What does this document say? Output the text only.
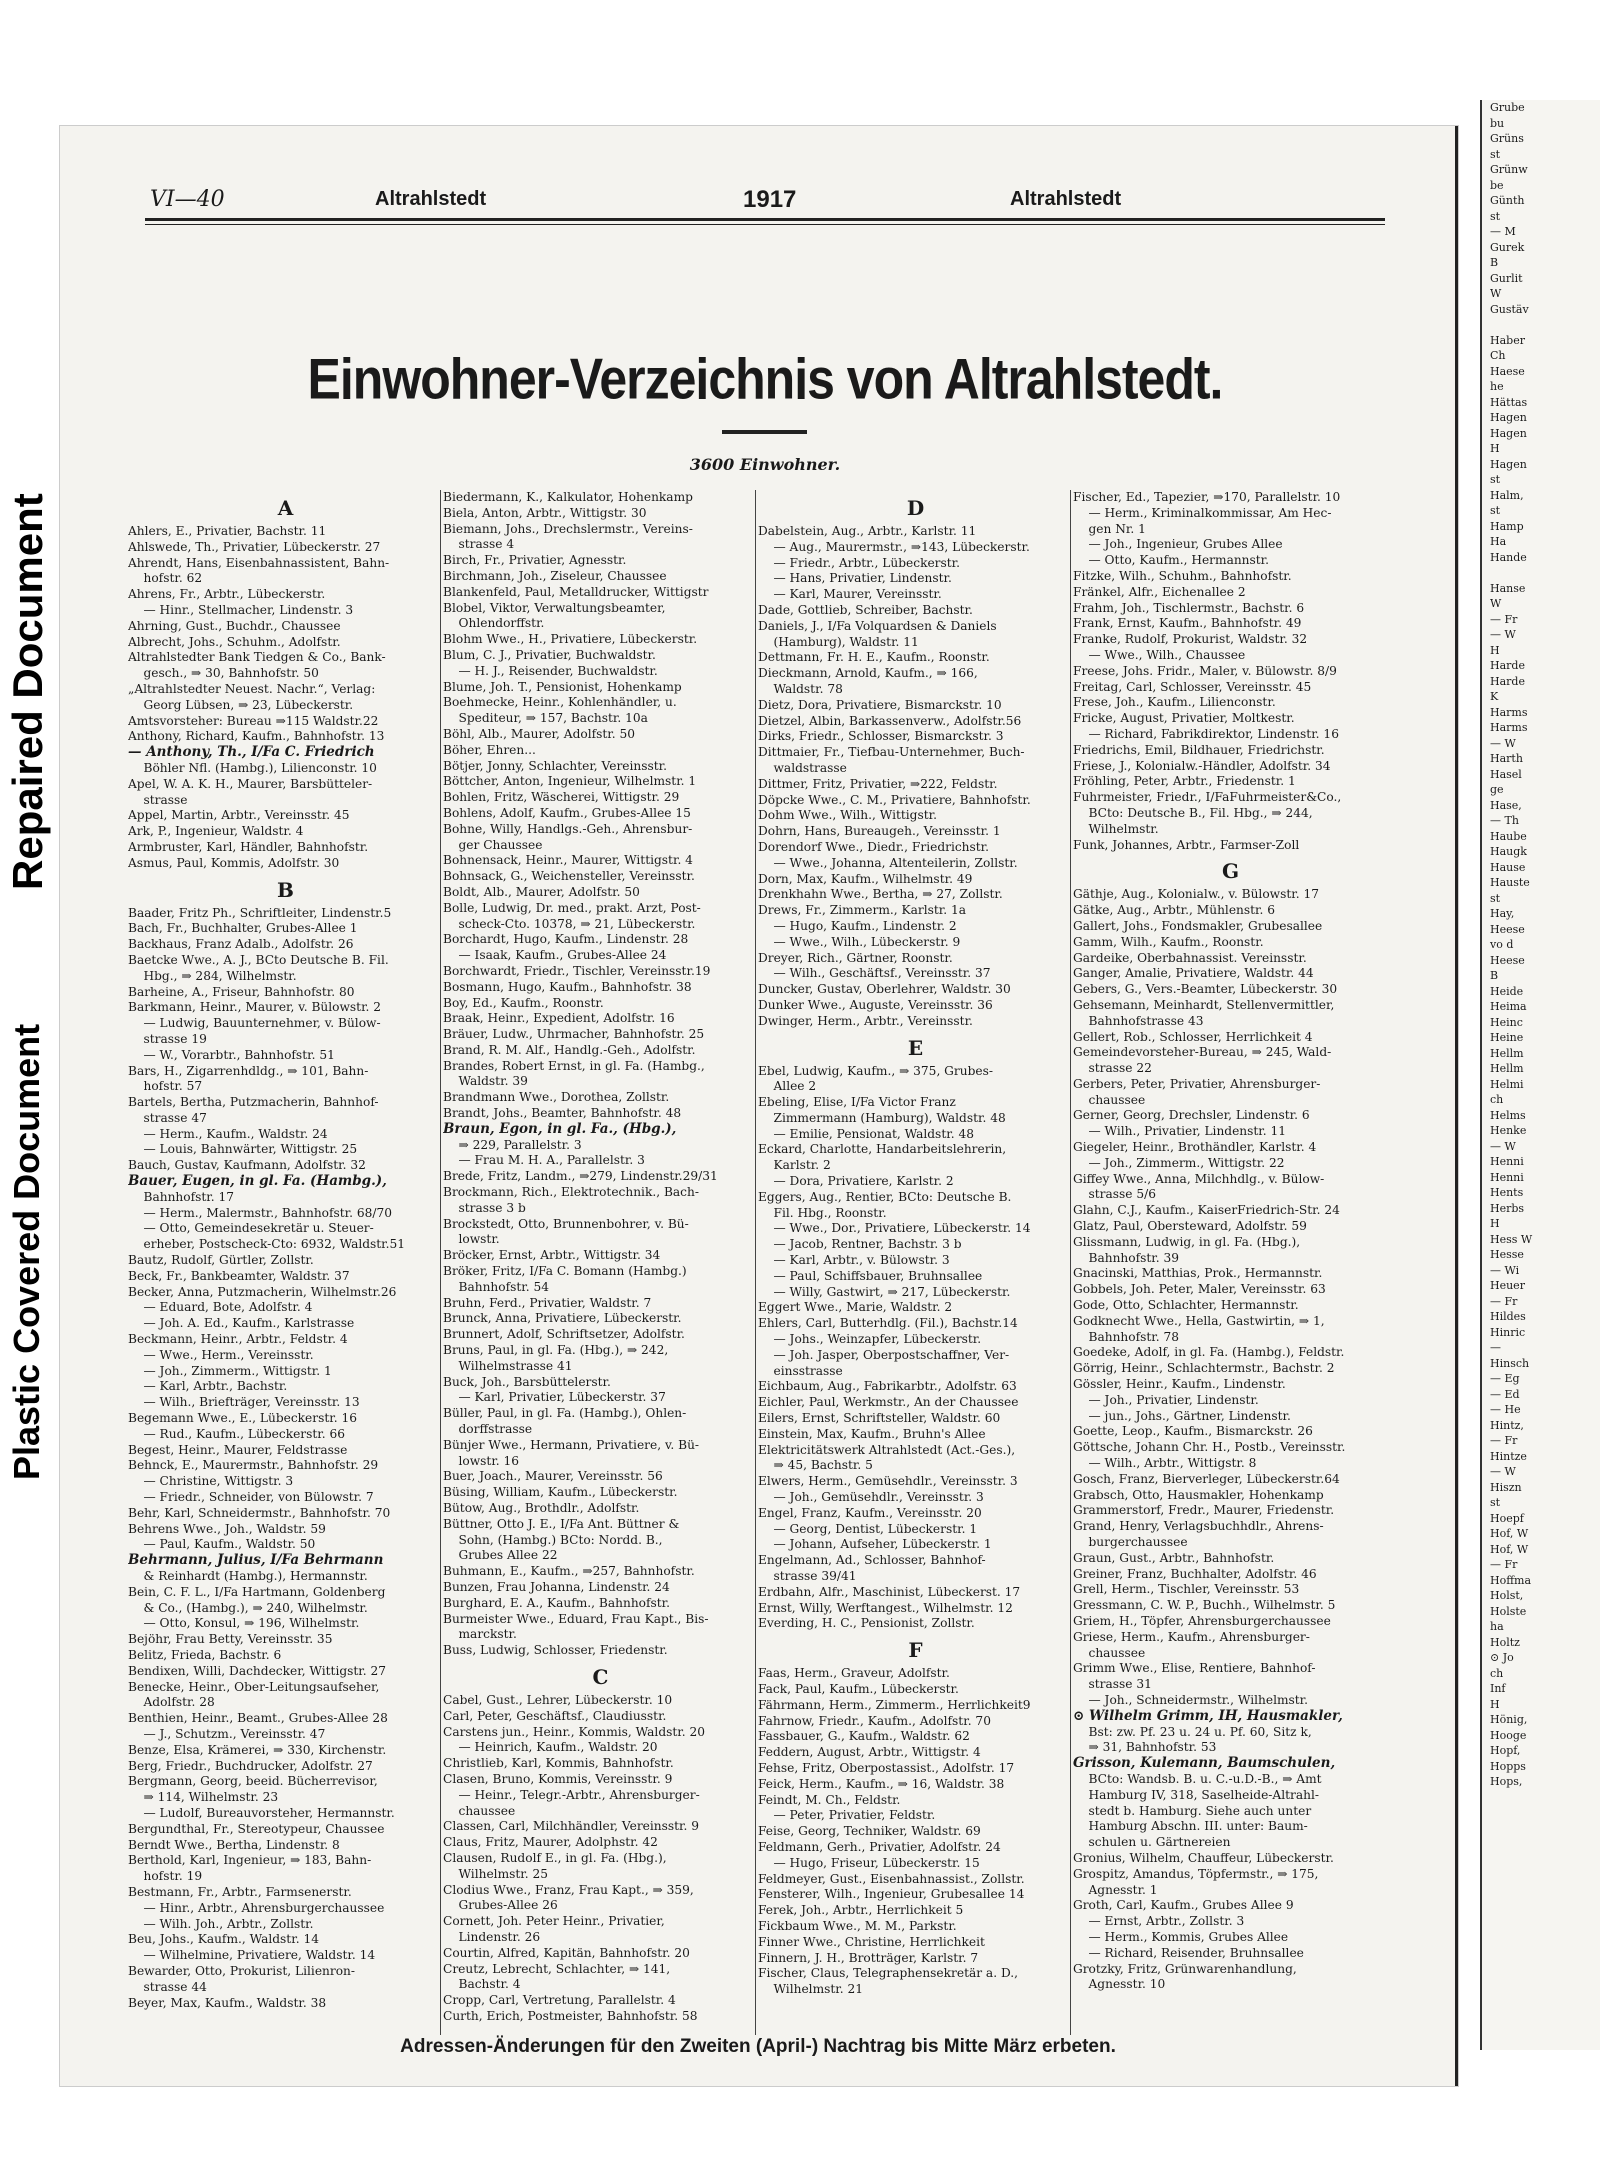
Plastic Covered Document
Repaired Document
VI—40	Altrahlstedt	1917	Altrahlstedt
Einwohner-Verzeichnis von Altrahlstedt.
3600 Einwohner.
A
Ahlers, E., Privatier, Bachstr. 11
Ahlswede, Th., Privatier, Lübeckerstr. 27
Ahrendt, Hans, Eisenbahnassistent, Bahn-
hofstr. 62
Ahrens, Fr., Arbtr., Lübeckerstr.
— Hinr., Stellmacher, Lindenstr. 3
Ahrning, Gust., Buchdr., Chaussee
Albrecht, Johs., Schuhm., Adolfstr.
Altrahlstedter Bank Tiedgen & Co., Bank-
gesch., ⇒ 30, Bahnhofstr. 50
„Altrahlstedter Neuest. Nachr.“, Verlag:
Georg Lübsen, ⇒ 23, Lübeckerstr.
Amtsvorsteher: Bureau ⇒115 Waldstr.22
Anthony, Richard, Kaufm., Bahnhofstr. 13
— Anthony, Th., I/Fa C. Friedrich
Böhler Nfl. (Hambg.), Lilienconstr. 10
Apel, W. A. K. H., Maurer, Barsbütteler-
strasse
Appel, Martin, Arbtr., Vereinsstr. 45
Ark, P., Ingenieur, Waldstr. 4
Armbruster, Karl, Händler, Bahnhofstr.
Asmus, Paul, Kommis, Adolfstr. 30
B
Baader, Fritz Ph., Schriftleiter, Lindenstr.5
Bach, Fr., Buchhalter, Grubes-Allee 1
Backhaus, Franz Adalb., Adolfstr. 26
Baetcke Wwe., A. J., BCto Deutsche B. Fil.
Hbg., ⇒ 284, Wilhelmstr.
Barheine, A., Friseur, Bahnhofstr. 80
Barkmann, Heinr., Maurer, v. Bülowstr. 2
— Ludwig, Bauunternehmer, v. Bülow-
strasse 19
— W., Vorarbtr., Bahnhofstr. 51
Bars, H., Zigarrenhdldg., ⇒ 101, Bahn-
hofstr. 57
Bartels, Bertha, Putzmacherin, Bahnhof-
strasse 47
— Herm., Kaufm., Waldstr. 24
— Louis, Bahnwärter, Wittigstr. 25
Bauch, Gustav, Kaufmann, Adolfstr. 32
Bauer, Eugen, in gl. Fa. (Hambg.),
Bahnhofstr. 17
— Herm., Malermstr., Bahnhofstr. 68/70
— Otto, Gemeindesekretär u. Steuer-
erheber, Postscheck-Cto: 6932, Waldstr.51
Bautz, Rudolf, Gürtler, Zollstr.
Beck, Fr., Bankbeamter, Waldstr. 37
Becker, Anna, Putzmacherin, Wilhelmstr.26
— Eduard, Bote, Adolfstr. 4
— Joh. A. Ed., Kaufm., Karlstrasse
Beckmann, Heinr., Arbtr., Feldstr. 4
— Wwe., Herm., Vereinsstr.
— Joh., Zimmerm., Wittigstr. 1
— Karl, Arbtr., Bachstr.
— Wilh., Briefträger, Vereinsstr. 13
Begemann Wwe., E., Lübeckerstr. 16
— Rud., Kaufm., Lübeckerstr. 66
Begest, Heinr., Maurer, Feldstrasse
Behnck, E., Maurermstr., Bahnhofstr. 29
— Christine, Wittigstr. 3
— Friedr., Schneider, von Bülowstr. 7
Behr, Karl, Schneidermstr., Bahnhofstr. 70
Behrens Wwe., Joh., Waldstr. 59
— Paul, Kaufm., Waldstr. 50
Behrmann, Julius, I/Fa Behrmann
& Reinhardt (Hambg.), Hermannstr.
Bein, C. F. L., I/Fa Hartmann, Goldenberg
& Co., (Hambg.), ⇒ 240, Wilhelmstr.
— Otto, Konsul, ⇒ 196, Wilhelmstr.
Bejöhr, Frau Betty, Vereinsstr. 35
Belitz, Frieda, Bachstr. 6
Bendixen, Willi, Dachdecker, Wittigstr. 27
Benecke, Heinr., Ober-Leitungsaufseher,
Adolfstr. 28
Benthien, Heinr., Beamt., Grubes-Allee 28
— J., Schutzm., Vereinsstr. 47
Benze, Elsa, Krämerei, ⇒ 330, Kirchenstr.
Berg, Friedr., Buchdrucker, Adolfstr. 27
Bergmann, Georg, beeid. Bücherrevisor,
⇒ 114, Wilhelmstr. 23
— Ludolf, Bureauvorsteher, Hermannstr.
Bergundthal, Fr., Stereotypeur, Chaussee
Berndt Wwe., Bertha, Lindenstr. 8
Berthold, Karl, Ingenieur, ⇒ 183, Bahn-
hofstr. 19
Bestmann, Fr., Arbtr., Farmsenerstr.
— Hinr., Arbtr., Ahrensburgerchaussee
— Wilh. Joh., Arbtr., Zollstr.
Beu, Johs., Kaufm., Waldstr. 14
— Wilhelmine, Privatiere, Waldstr. 14
Bewarder, Otto, Prokurist, Lilienron-
strasse 44
Beyer, Max, Kaufm., Waldstr. 38
Biedermann, K., Kalkulator, Hohenkamp
Biela, Anton, Arbtr., Wittigstr. 30
Biemann, Johs., Drechslermstr., Vereins-
strasse 4
Birch, Fr., Privatier, Agnesstr.
Birchmann, Joh., Ziseleur, Chaussee
Blankenfeld, Paul, Metalldrucker, Wittigstr
Blobel, Viktor, Verwaltungsbeamter,
Ohlendorffstr.
Blohm Wwe., H., Privatiere, Lübeckerstr.
Blum, C. J., Privatier, Buchwaldstr.
— H. J., Reisender, Buchwaldstr.
Blume, Joh. T., Pensionist, Hohenkamp
Boehmecke, Heinr., Kohlenhändler, u.
Spediteur, ⇒ 157, Bachstr. 10a
Böhl, Alb., Maurer, Adolfstr. 50
Böher, Ehren...
Bötjer, Jonny, Schlachter, Vereinsstr.
Böttcher, Anton, Ingenieur, Wilhelmstr. 1
Bohlen, Fritz, Wäscherei, Wittigstr. 29
Bohlens, Adolf, Kaufm., Grubes-Allee 15
Bohne, Willy, Handlgs.-Geh., Ahrensbur-
ger Chaussee
Bohnensack, Heinr., Maurer, Wittigstr. 4
Bohnsack, G., Weichensteller, Vereinsstr.
Boldt, Alb., Maurer, Adolfstr. 50
Bolle, Ludwig, Dr. med., prakt. Arzt, Post-
scheck-Cto. 10378, ⇒ 21, Lübeckerstr.
Borchardt, Hugo, Kaufm., Lindenstr. 28
— Isaak, Kaufm., Grubes-Allee 24
Borchwardt, Friedr., Tischler, Vereinsstr.19
Bosmann, Hugo, Kaufm., Bahnhofstr. 38
Boy, Ed., Kaufm., Roonstr.
Braak, Heinr., Expedient, Adolfstr. 16
Bräuer, Ludw., Uhrmacher, Bahnhofstr. 25
Brand, R. M. Alf., Handlg.-Geh., Adolfstr.
Brandes, Robert Ernst, in gl. Fa. (Hambg.,
Waldstr. 39
Brandmann Wwe., Dorothea, Zollstr.
Brandt, Johs., Beamter, Bahnhofstr. 48
Braun, Egon, in gl. Fa., (Hbg.),
⇒ 229, Parallelstr. 3
— Frau M. H. A., Parallelstr. 3
Brede, Fritz, Landm., ⇒279, Lindenstr.29/31
Brockmann, Rich., Elektrotechnik., Bach-
strasse 3 b
Brockstedt, Otto, Brunnenbohrer, v. Bü-
lowstr.
Bröcker, Ernst, Arbtr., Wittigstr. 34
Bröker, Fritz, I/Fa C. Bomann (Hambg.)
Bahnhofstr. 54
Bruhn, Ferd., Privatier, Waldstr. 7
Brunck, Anna, Privatiere, Lübeckerstr.
Brunnert, Adolf, Schriftsetzer, Adolfstr.
Bruns, Paul, in gl. Fa. (Hbg.), ⇒ 242,
Wilhelmstrasse 41
Buck, Joh., Barsbüttelerstr.
— Karl, Privatier, Lübeckerstr. 37
Büller, Paul, in gl. Fa. (Hambg.), Ohlen-
dorffstrasse
Bünjer Wwe., Hermann, Privatiere, v. Bü-
lowstr. 16
Buer, Joach., Maurer, Vereinsstr. 56
Büsing, William, Kaufm., Lübeckerstr.
Bütow, Aug., Brothdlr., Adolfstr.
Büttner, Otto J. E., I/Fa Ant. Büttner &
Sohn, (Hambg.) BCto: Nordd. B.,
Grubes Allee 22
Buhmann, E., Kaufm., ⇒257, Bahnhofstr.
Bunzen, Frau Johanna, Lindenstr. 24
Burghard, E. A., Kaufm., Bahnhofstr.
Burmeister Wwe., Eduard, Frau Kapt., Bis-
marckstr.
Buss, Ludwig, Schlosser, Friedenstr.
C
Cabel, Gust., Lehrer, Lübeckerstr. 10
Carl, Peter, Geschäftsf., Claudiusstr.
Carstens jun., Heinr., Kommis, Waldstr. 20
— Heinrich, Kaufm., Waldstr. 20
Christlieb, Karl, Kommis, Bahnhofstr.
Clasen, Bruno, Kommis, Vereinsstr. 9
— Heinr., Telegr.-Arbtr., Ahrensburger-
chaussee
Classen, Carl, Milchhändler, Vereinsstr. 9
Claus, Fritz, Maurer, Adolphstr. 42
Clausen, Rudolf E., in gl. Fa. (Hbg.),
Wilhelmstr. 25
Clodius Wwe., Franz, Frau Kapt., ⇒ 359,
Grubes-Allee 26
Cornett, Joh. Peter Heinr., Privatier,
Lindenstr. 26
Courtin, Alfred, Kapitän, Bahnhofstr. 20
Creutz, Lebrecht, Schlachter, ⇒ 141,
Bachstr. 4
Cropp, Carl, Vertretung, Parallelstr. 4
Curth, Erich, Postmeister, Bahnhofstr. 58
D
Dabelstein, Aug., Arbtr., Karlstr. 11
— Aug., Maurermstr., ⇒143, Lübeckerstr.
— Friedr., Arbtr., Lübeckerstr.
— Hans, Privatier, Lindenstr.
— Karl, Maurer, Vereinsstr.
Dade, Gottlieb, Schreiber, Bachstr.
Daniels, J., I/Fa Volquardsen & Daniels
(Hamburg), Waldstr. 11
Dettmann, Fr. H. E., Kaufm., Roonstr.
Dieckmann, Arnold, Kaufm., ⇒ 166,
Waldstr. 78
Dietz, Dora, Privatiere, Bismarckstr. 10
Dietzel, Albin, Barkassenverw., Adolfstr.56
Dirks, Friedr., Schlosser, Bismarckstr. 3
Dittmaier, Fr., Tiefbau-Unternehmer, Buch-
waldstrasse
Dittmer, Fritz, Privatier, ⇒222, Feldstr.
Döpcke Wwe., C. M., Privatiere, Bahnhofstr.
Dohm Wwe., Wilh., Wittigstr.
Dohrn, Hans, Bureaugeh., Vereinsstr. 1
Dorendorf Wwe., Diedr., Friedrichstr.
— Wwe., Johanna, Altenteilerin, Zollstr.
Dorn, Max, Kaufm., Wilhelmstr. 49
Drenkhahn Wwe., Bertha, ⇒ 27, Zollstr.
Drews, Fr., Zimmerm., Karlstr. 1a
— Hugo, Kaufm., Lindenstr. 2
— Wwe., Wilh., Lübeckerstr. 9
Dreyer, Rich., Gärtner, Roonstr.
— Wilh., Geschäftsf., Vereinsstr. 37
Duncker, Gustav, Oberlehrer, Waldstr. 30
Dunker Wwe., Auguste, Vereinsstr. 36
Dwinger, Herm., Arbtr., Vereinsstr.
E
Ebel, Ludwig, Kaufm., ⇒ 375, Grubes-
Allee 2
Ebeling, Elise, I/Fa Victor Franz
Zimmermann (Hamburg), Waldstr. 48
— Emilie, Pensionat, Waldstr. 48
Eckard, Charlotte, Handarbeitslehrerin,
Karlstr. 2
— Dora, Privatiere, Karlstr. 2
Eggers, Aug., Rentier, BCto: Deutsche B.
Fil. Hbg., Roonstr.
— Wwe., Dor., Privatiere, Lübeckerstr. 14
— Jacob, Rentner, Bachstr. 3 b
— Karl, Arbtr., v. Bülowstr. 3
— Paul, Schiffsbauer, Bruhnsallee
— Willy, Gastwirt, ⇒ 217, Lübeckerstr.
Eggert Wwe., Marie, Waldstr. 2
Ehlers, Carl, Butterhdlg. (Fil.), Bachstr.14
— Johs., Weinzapfer, Lübeckerstr.
— Joh. Jasper, Oberpostschaffner, Ver-
einsstrasse
Eichbaum, Aug., Fabrikarbtr., Adolfstr. 63
Eichler, Paul, Werkmstr., An der Chaussee
Eilers, Ernst, Schriftsteller, Waldstr. 60
Einstein, Max, Kaufm., Bruhn's Allee
Elektricitätswerk Altrahlstedt (Act.-Ges.),
⇒ 45, Bachstr. 5
Elwers, Herm., Gemüsehdlr., Vereinsstr. 3
— Joh., Gemüsehdlr., Vereinsstr. 3
Engel, Franz, Kaufm., Vereinsstr. 20
— Georg, Dentist, Lübeckerstr. 1
— Johann, Aufseher, Lübeckerstr. 1
Engelmann, Ad., Schlosser, Bahnhof-
strasse 39/41
Erdbahn, Alfr., Maschinist, Lübeckerst. 17
Ernst, Willy, Werftangest., Wilhelmstr. 12
Everding, H. C., Pensionist, Zollstr.
F
Faas, Herm., Graveur, Adolfstr.
Fack, Paul, Kaufm., Lübeckerstr.
Fährmann, Herm., Zimmerm., Herrlichkeit9
Fahrnow, Friedr., Kaufm., Adolfstr. 70
Fassbauer, G., Kaufm., Waldstr. 62
Feddern, August, Arbtr., Wittigstr. 4
Fehse, Fritz, Oberpostassist., Adolfstr. 17
Feick, Herm., Kaufm., ⇒ 16, Waldstr. 38
Feindt, M. Ch., Feldstr.
— Peter, Privatier, Feldstr.
Feise, Georg, Techniker, Waldstr. 69
Feldmann, Gerh., Privatier, Adolfstr. 24
— Hugo, Friseur, Lübeckerstr. 15
Feldmeyer, Gust., Eisenbahnassist., Zollstr.
Fensterer, Wilh., Ingenieur, Grubesallee 14
Ferek, Joh., Arbtr., Herrlichkeit 5
Fickbaum Wwe., M. M., Parkstr.
Finner Wwe., Christine, Herrlichkeit
Finnern, J. H., Brotträger, Karlstr. 7
Fischer, Claus, Telegraphensekretär a. D.,
Wilhelmstr. 21
Fischer, Ed., Tapezier, ⇒170, Parallelstr. 10
— Herm., Kriminalkommissar, Am Hec-
gen Nr. 1
— Joh., Ingenieur, Grubes Allee
— Otto, Kaufm., Hermannstr.
Fitzke, Wilh., Schuhm., Bahnhofstr.
Fränkel, Alfr., Eichenallee 2
Frahm, Joh., Tischlermstr., Bachstr. 6
Frank, Ernst, Kaufm., Bahnhofstr. 49
Franke, Rudolf, Prokurist, Waldstr. 32
— Wwe., Wilh., Chaussee
Freese, Johs. Fridr., Maler, v. Bülowstr. 8/9
Freitag, Carl, Schlosser, Vereinsstr. 45
Frese, Joh., Kaufm., Lilienconstr.
Fricke, August, Privatier, Moltkestr.
— Richard, Fabrikdirektor, Lindenstr. 16
Friedrichs, Emil, Bildhauer, Friedrichstr.
Friese, J., Kolonialw.-Händler, Adolfstr. 34
Fröhling, Peter, Arbtr., Friedenstr. 1
Fuhrmeister, Friedr., I/FaFuhrmeister&Co.,
BCto: Deutsche B., Fil. Hbg., ⇒ 244,
Wilhelmstr.
Funk, Johannes, Arbtr., Farmser-Zoll
G
Gäthje, Aug., Kolonialw., v. Bülowstr. 17
Gätke, Aug., Arbtr., Mühlenstr. 6
Gallert, Johs., Fondsmakler, Grubesallee
Gamm, Wilh., Kaufm., Roonstr.
Gardeike, Oberbahnassist. Vereinsstr.
Ganger, Amalie, Privatiere, Waldstr. 44
Gebers, G., Vers.-Beamter, Lübeckerstr. 30
Gehsemann, Meinhardt, Stellenvermittler,
Bahnhofstrasse 43
Gellert, Rob., Schlosser, Herrlichkeit 4
Gemeindevorsteher-Bureau, ⇒ 245, Wald-
strasse 22
Gerbers, Peter, Privatier, Ahrensburger-
chaussee
Gerner, Georg, Drechsler, Lindenstr. 6
— Wilh., Privatier, Lindenstr. 11
Giegeler, Heinr., Brothändler, Karlstr. 4
— Joh., Zimmerm., Wittigstr. 22
Giffey Wwe., Anna, Milchhdlg., v. Bülow-
strasse 5/6
Glahn, C.J., Kaufm., KaiserFriedrich-Str. 24
Glatz, Paul, Obersteward, Adolfstr. 59
Glissmann, Ludwig, in gl. Fa. (Hbg.),
Bahnhofstr. 39
Gnacinski, Matthias, Prok., Hermannstr.
Gobbels, Joh. Peter, Maler, Vereinsstr. 63
Gode, Otto, Schlachter, Hermannstr.
Godknecht Wwe., Hella, Gastwirtin, ⇒ 1,
Bahnhofstr. 78
Goedeke, Adolf, in gl. Fa. (Hambg.), Feldstr.
Görrig, Heinr., Schlachtermstr., Bachstr. 2
Gössler, Heinr., Kaufm., Lindenstr.
— Joh., Privatier, Lindenstr.
— jun., Johs., Gärtner, Lindenstr.
Goette, Leop., Kaufm., Bismarckstr. 26
Göttsche, Johann Chr. H., Postb., Vereinsstr.
— Wilh., Arbtr., Wittigstr. 8
Gosch, Franz, Bierverleger, Lübeckerstr.64
Grabsch, Otto, Hausmakler, Hohenkamp
Grammerstorf, Fredr., Maurer, Friedenstr.
Grand, Henry, Verlagsbuchhdlr., Ahrens-
burgerchaussee
Graun, Gust., Arbtr., Bahnhofstr.
Greiner, Franz, Buchhalter, Adolfstr. 46
Grell, Herm., Tischler, Vereinsstr. 53
Gressmann, C. W. P., Buchh., Wilhelmstr. 5
Griem, H., Töpfer, Ahrensburgerchaussee
Griese, Herm., Kaufm., Ahrensburger-
chaussee
Grimm Wwe., Elise, Rentiere, Bahnhof-
strasse 31
— Joh., Schneidermstr., Wilhelmstr.
⊙ Wilhelm Grimm, IH, Hausmakler,
Bst: zw. Pf. 23 u. 24 u. Pf. 60, Sitz k,
⇒ 31, Bahnhofstr. 53
Grisson, Kulemann, Baumschulen,
BCto: Wandsb. B. u. C.-u.D.-B., ⇒ Amt
Hamburg IV, 318, Saselheide-Altrahl-
stedt b. Hamburg. Siehe auch unter
Hamburg Abschn. III. unter: Baum-
schulen u. Gärtnereien
Gronius, Wilhelm, Chauffeur, Lübeckerstr.
Grospitz, Amandus, Töpfermstr., ⇒ 175,
Agnesstr. 1
Groth, Carl, Kaufm., Grubes Allee 9
— Ernst, Arbtr., Zollstr. 3
— Herm., Kommis, Grubes Allee
— Richard, Reisender, Bruhnsallee
Grotzky, Fritz, Grünwarenhandlung,
Agnesstr. 10
Adressen-Änderungen für den Zweiten (April-) Nachtrag bis Mitte März erbeten.
Grube
bu
Grüns
st
Grünw
be
Günth
st
— M
Gurek
B
Gurlit
W
Gustäv

Haber
Ch
Haese
he
Hättas
Hagen
Hagen
H
Hagen
st
Halm,
st
Hamp
Ha
Hande

Hanse
W
— Fr
— W
H
Harde
Harde
K
Harms
Harms
— W
Harth
Hasel
ge
Hase,
— Th
Haube
Haugk
Hause
Hauste
st
Hay,
Heese
vo d
Heese
B
Heide
Heima
Heinc
Heine
Hellm
Hellm
Helmi
ch
Helms
Henke
— W
Henni
Henni
Hents
Herbs
H
Hess W
Hesse
— Wi
Heuer
— Fr
Hildes
Hinric
—
Hinsch
— Eg
— Ed
— He
Hintz,
— Fr
Hintze
— W
Hiszn
st
Hoepf
Hof, W
Hof, W
— Fr
Hoffma
Holst,
Holste
ha
Holtz
⊙ Jo
ch
Inf
H
Hönig,
Hooge
Hopf,
Hopps
Hops,
